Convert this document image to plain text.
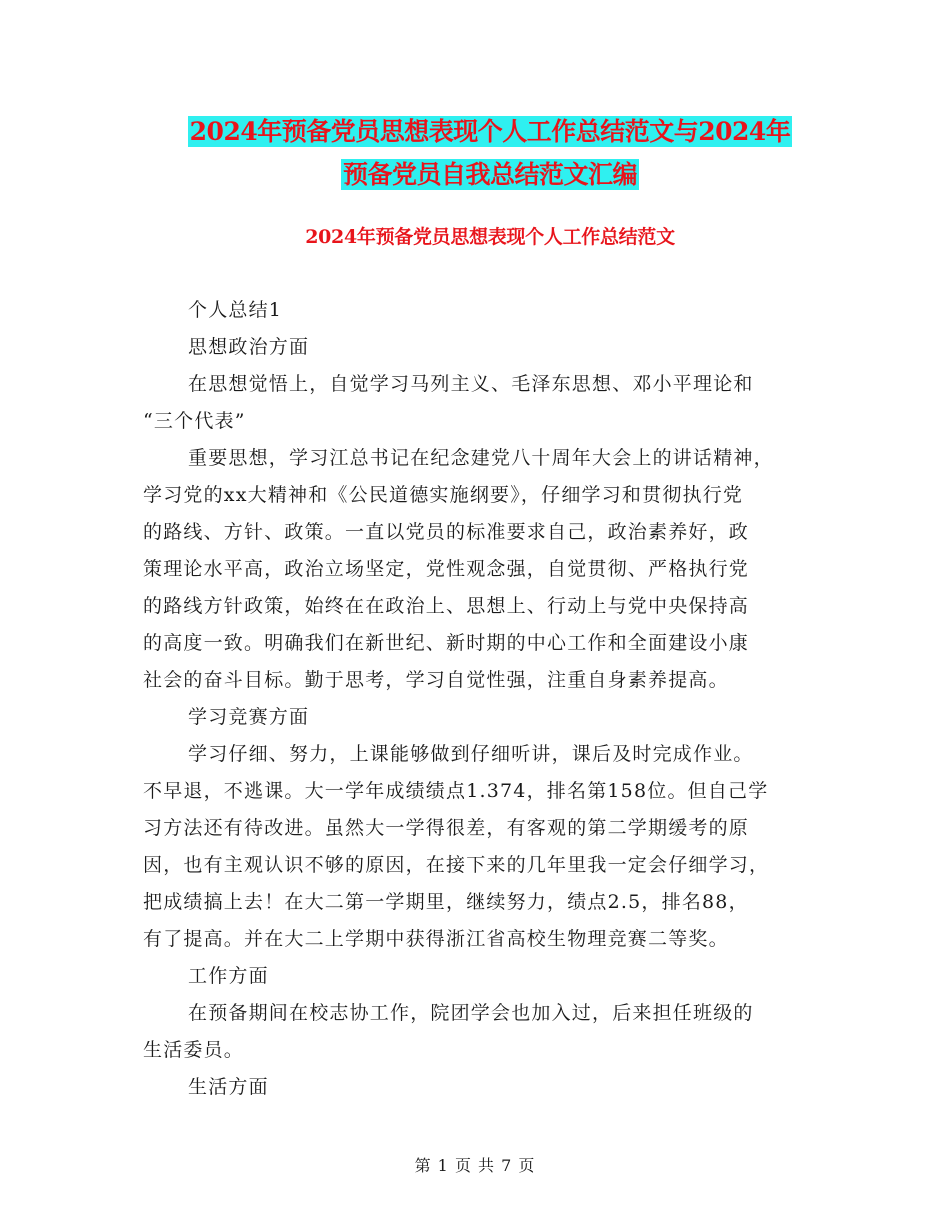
2024年预备党员思想表现个人工作总结范文与2024年
预备党员自我总结范文汇编
2024年预备党员思想表现个人工作总结范文
个人总结1
思想政治方面
在思想觉悟上，自觉学习马列主义、毛泽东思想、邓小平理论和
“三个代表”
重要思想，学习江总书记在纪念建党八十周年大会上的讲话精神，
学习党的xx大精神和《公民道德实施纲要》，仔细学习和贯彻执行党
的路线、方针、政策。一直以党员的标准要求自己，政治素养好，政
策理论水平高，政治立场坚定，党性观念强，自觉贯彻、严格执行党
的路线方针政策，始终在在政治上、思想上、行动上与党中央保持高
的高度一致。明确我们在新世纪、新时期的中心工作和全面建设小康
社会的奋斗目标。勤于思考，学习自觉性强，注重自身素养提高。
学习竞赛方面
学习仔细、努力，上课能够做到仔细听讲，课后及时完成作业。
不早退，不逃课。大一学年成绩绩点1.374，排名第158位。但自己学
习方法还有待改进。虽然大一学得很差，有客观的第二学期缓考的原
因，也有主观认识不够的原因，在接下来的几年里我一定会仔细学习，
把成绩搞上去！在大二第一学期里，继续努力，绩点2.5，排名88，
有了提高。并在大二上学期中获得浙江省高校生物理竞赛二等奖。
工作方面
在预备期间在校志协工作，院团学会也加入过，后来担任班级的
生活委员。
生活方面
第 1 页 共 7 页
